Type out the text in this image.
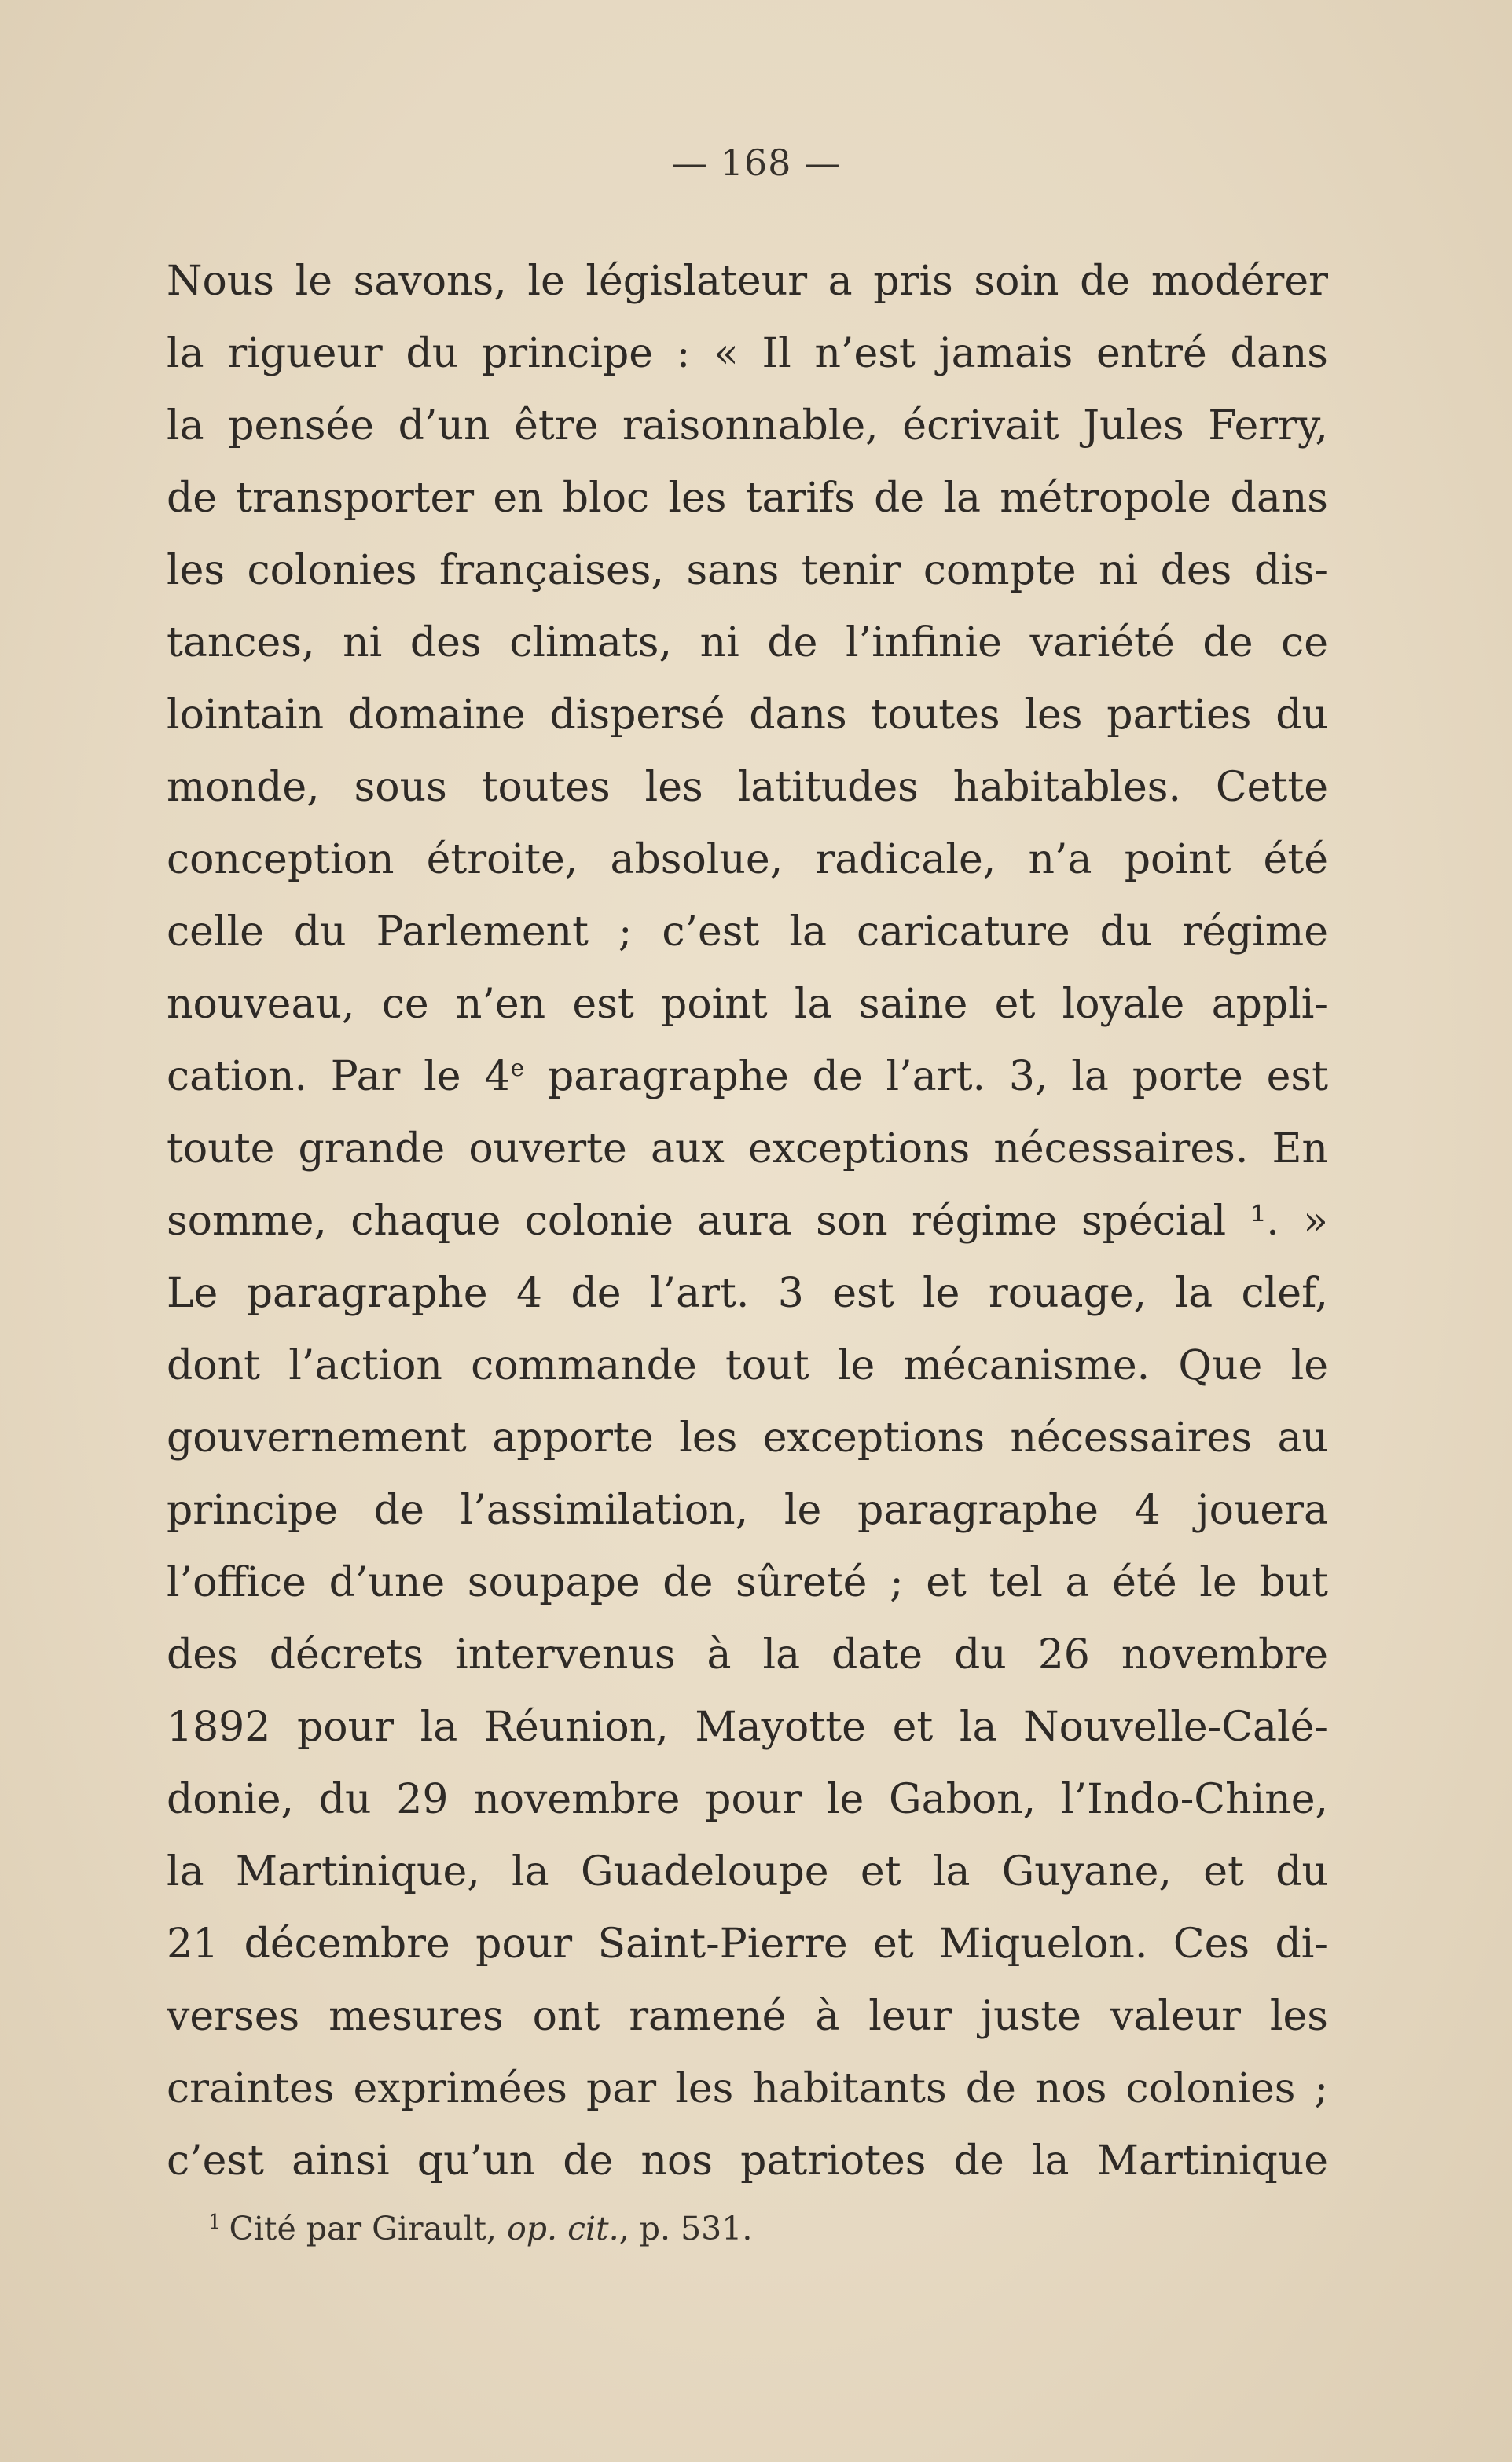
— 168 —
Nous le savons, le législateur a pris soin de modérer
la rigueur du principe : « Il n’est jamais entré dans
la pensée d’un être raisonnable, écrivait Jules Ferry,
de transporter en bloc les tarifs de la métropole dans
les colonies françaises, sans tenir compte ni des dis-
tances, ni des climats, ni de l’infinie variété de ce
lointain domaine dispersé dans toutes les parties du
monde, sous toutes les latitudes habitables. Cette
conception étroite, absolue, radicale, n’a point été
celle du Parlement ; c’est la caricature du régime
nouveau, ce n’en est point la saine et loyale appli-
cation. Par le 4e paragraphe de l’art. 3, la porte est
toute grande ouverte aux exceptions nécessaires. En
somme, chaque colonie aura son régime spécial ¹. »
Le paragraphe 4 de l’art. 3 est le rouage, la clef,
dont l’action commande tout le mécanisme. Que le
gouvernement apporte les exceptions nécessaires au
principe de l’assimilation, le paragraphe 4 jouera
l’office d’une soupape de sûreté ; et tel a été le but
des décrets intervenus à la date du 26 novembre
1892 pour la Réunion, Mayotte et la Nouvelle-Calé-
donie, du 29 novembre pour le Gabon, l’Indo-Chine,
la Martinique, la Guadeloupe et la Guyane, et du
21 décembre pour Saint-Pierre et Miquelon. Ces di-
verses mesures ont ramené à leur juste valeur les
craintes exprimées par les habitants de nos colonies ;
c’est ainsi qu’un de nos patriotes de la Martinique
$^1$ Cité par Girault, op. cit., p. 531.
